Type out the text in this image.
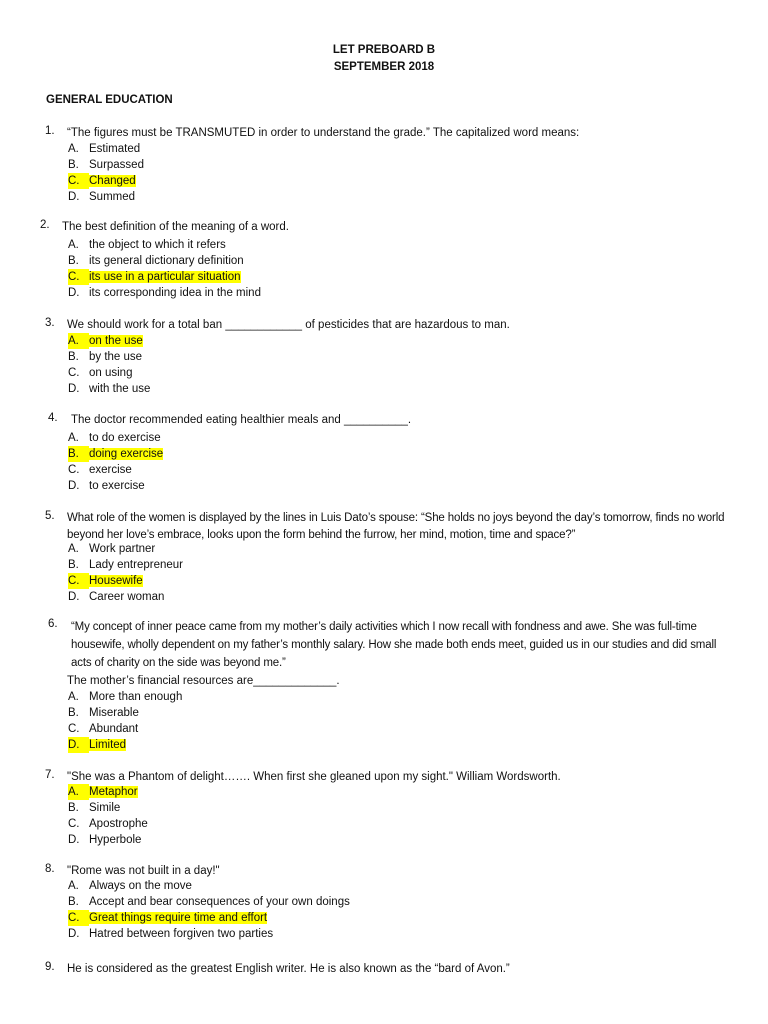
LET PREBOARD B
SEPTEMBER 2018
GENERAL EDUCATION
1. “The figures must be TRANSMUTED in order to understand the grade.” The capitalized word means:
A. Estimated
B. Surpassed
C. Changed
D. Summed
2. The best definition of the meaning of a word.
A. the object to which it refers
B. its general dictionary definition
C. its use in a particular situation
D. its corresponding idea in the mind
3. We should work for a total ban ____________ of pesticides that are hazardous to man.
A. on the use
B. by the use
C. on using
D. with the use
4. The doctor recommended eating healthier meals and __________.
A. to do exercise
B. doing exercise
C. exercise
D. to exercise
5. What role of the women is displayed by the lines in Luis Dato’s spouse: “She holds no joys beyond the day’s tomorrow, finds no world beyond her love’s embrace, looks upon the form behind the furrow, her mind, motion, time and space?”
A. Work partner
B. Lady entrepreneur
C. Housewife
D. Career woman
6. “My concept of inner peace came from my mother’s daily activities which I now recall with fondness and awe. She was full-time housewife, wholly dependent on my father’s monthly salary. How she made both ends meet, guided us in our studies and did small acts of charity on the side was beyond me.”
The mother’s financial resources are_____________.
A. More than enough
B. Miserable
C. Abundant
D. Limited
7. "She was a Phantom of delight……. When first she gleaned upon my sight." William Wordsworth.
A. Metaphor
B. Simile
C. Apostrophe
D. Hyperbole
8. "Rome was not built in a day!"
A. Always on the move
B. Accept and bear consequences of your own doings
C. Great things require time and effort
D. Hatred between forgiven two parties
9. He is considered as the greatest English writer. He is also known as the “bard of Avon.”
